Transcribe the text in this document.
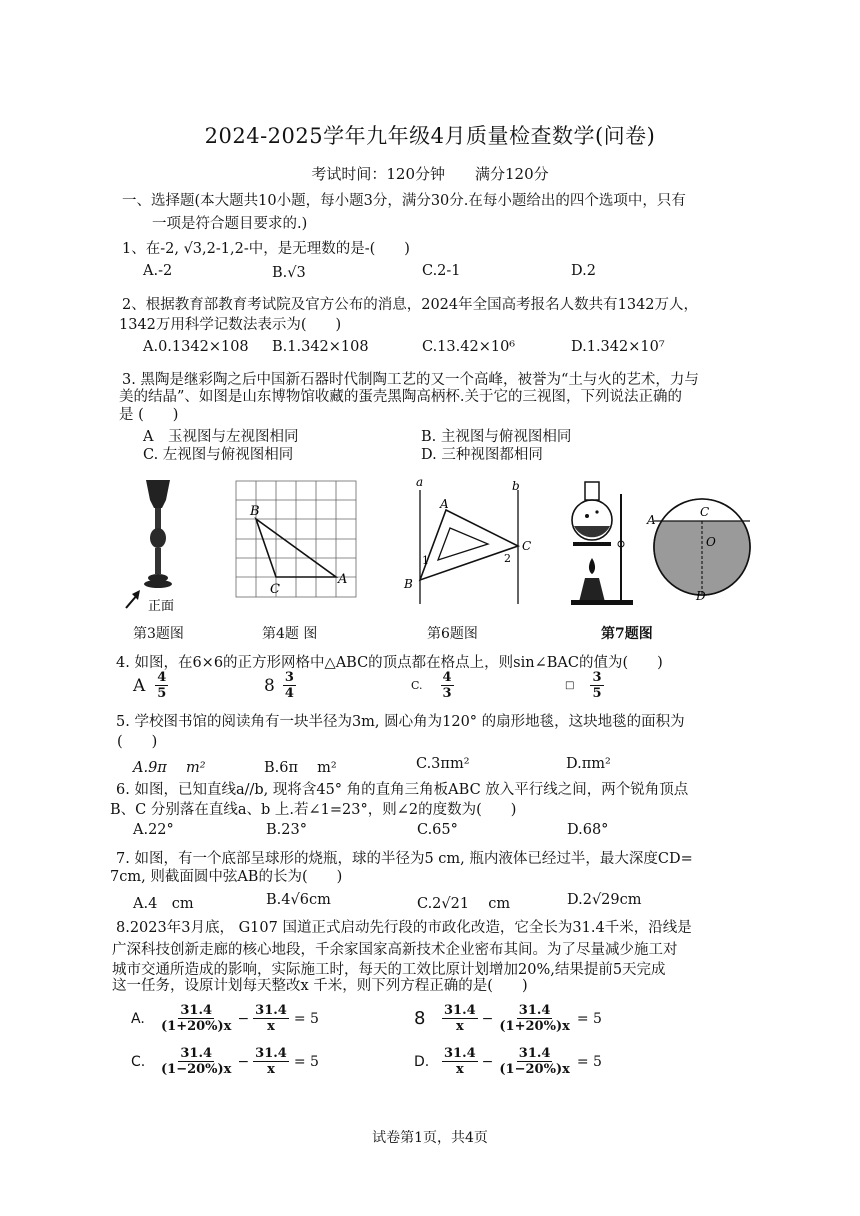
2024-2025学年九年级4月质量检查数学(问卷)
考试时间：120分钟　　满分120分
一、选择题(本大题共10小题，每小题3分，满分30分.在每小题给出的四个选项中，只有
一项是符合题目要求的.)
1、在-2, √3,2-1,2-中，是无理数的是-(　　)
A.-2	B.√3	C.2-1	D.2
2、根据教育部教育考试院及官方公布的消息，2024年全国高考报名人数共有1342万人，
1342万用科学记数法表示为(　　)
A.0.1342×108 B.1.342×108	C.13.42×10⁶	D.1.342×10⁷
3. 黑陶是继彩陶之后中国新石器时代制陶工艺的又一个高峰，被誉为“土与火的艺术，力与
美的结晶”、如图是山东博物馆收藏的蛋壳黑陶高柄杯.关于它的三视图，下列说法正确的
是 (　　)
A　玉视图与左视图相同	B. 主视图与俯视图相同
C. 左视图与俯视图相同	D. 三种视图都相同
正面
第3题图
B
C
A
第4题 图
a	b
A
B
C
1	2
第6题图
A
C
O
D
第7题图
4. 如图，在6×6的正方形网格中△ABC的顶点都在格点上，则sin∠BAC的值为(　　)
A $\frac{4}{5}$	$8 \frac{3}{4}$	C. $\frac{4}{3}$	□ $\frac{3}{5}$
5. 学校图书馆的阅读角有一块半径为3m, 圆心角为120° 的扇形地毯，这块地毯的面积为
(　　)
A.9π　 m²	B.6π　 m²	C.3πm²	D.πm²
6. 如图，已知直线a//b, 现将含45° 角的直角三角板ABC 放入平行线之间，两个锐角顶点
B、C 分别落在直线a、b 上.若∠1=23°，则∠2的度数为(　　)
A.22°	B.23°	C.65°	D.68°
7. 如图，有一个底部呈球形的烧瓶，球的半径为5 cm, 瓶内液体已经过半，最大深度CD=
7cm, 则截面圆中弦AB的长为(　　)
A.4　cm	B.4√6cm	C.2√21　 cm	D.2√29cm
8.2023年3月底， G107 国道正式启动先行段的市政化改造，它全长为31.4千米，沿线是
广深科技创新走廊的核心地段，千余家国家高新技术企业密布其间。为了尽量减少施工对
城市交通所造成的影响，实际施工时，每天的工效比原计划增加20%,结果提前5天完成
这一任务，设原计划每天整改x 千米，则下列方程正确的是(　　)
A.	$\frac{31.4}{(1+20\%)x} - \frac{31.4}{x} = 5$	8	$\frac{31.4}{x} - \frac{31.4}{(1+20\%)x} = 5$
C.	$\frac{31.4}{(1-20\%)x} - \frac{31.4}{x} = 5$	D. $\frac{31.4}{x} - \frac{31.4}{(1-20\%)x} = 5$
试卷第1页，共4页
